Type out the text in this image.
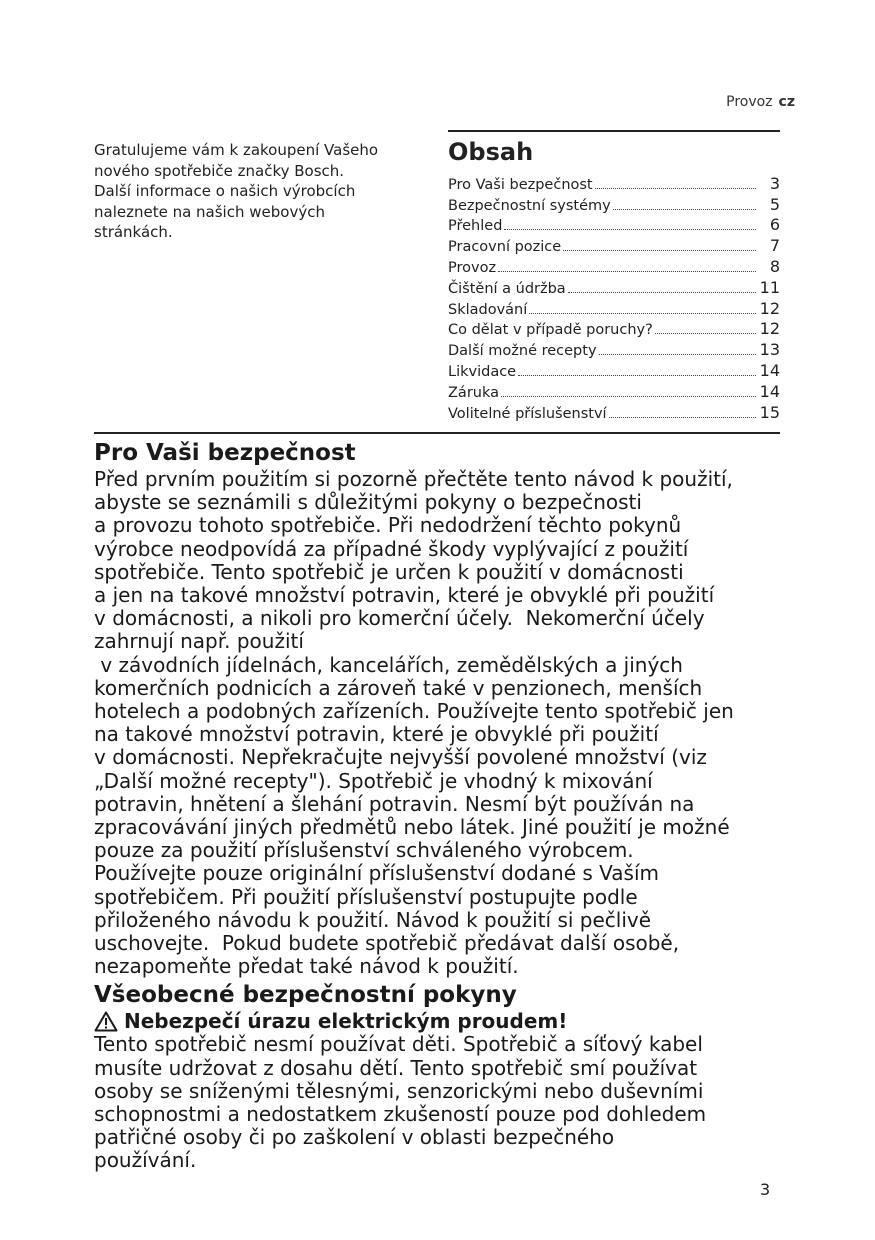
Provoz cz

Gratulujeme vám k zakoupení Vašeho

nového spotřebiče značky Bosch.

Další informace o našich výrobcích

naleznete na našich webových

stránkách.

Obsah
Pro Vaši bezpečnost	3
Bezpečnostní systémy	5
Přehled	6
Pracovní pozice	7
Provoz	8
Čištění a údržba	11
Skladování	12
Co dělat v případě poruchy?	12
Další možné recepty	13
Likvidace	14
Záruka	14
Volitelné příslušenství	15
Pro Vaši bezpečnost

Před prvním použitím si pozorně přečtěte tento návod k použití,

abyste se seznámili s důležitými pokyny o bezpečnosti

a provozu tohoto spotřebiče. Při nedodržení těchto pokynů

výrobce neodpovídá za případné škody vyplývající z použití

spotřebiče. Tento spotřebič je určen k použití v domácnosti

a jen na takové množství potravin, které je obvyklé při použití

v domácnosti, a nikoli pro komerční účely.  Nekomerční účely

zahrnují např. použití

v závodních jídelnách, kancelářích, zemědělských a jiných

komerčních podnicích a zároveň také v penzionech, menších

hotelech a podobných zařízeních. Používejte tento spotřebič jen

na takové množství potravin, které je obvyklé při použití

v domácnosti. Nepřekračujte nejvyšší povolené množství (viz

„Další možné recepty"). Spotřebič je vhodný k mixování

potravin, hnětení a šlehání potravin. Nesmí být používán na

zpracovávání jiných předmětů nebo látek. Jiné použití je možné

pouze za použití příslušenství schváleného výrobcem.

Používejte pouze originální příslušenství dodané s Vaším

spotřebičem. Při použití příslušenství postupujte podle

přiloženého návodu k použití. Návod k použití si pečlivě

uschovejte.  Pokud budete spotřebič předávat další osobě,

nezapomeňte předat také návod k použití.

Všeobecné bezpečnostní pokyny
Nebezpečí úrazu elektrickým proudem!

Tento spotřebič nesmí používat děti. Spotřebič a síťový kabel

musíte udržovat z dosahu dětí. Tento spotřebič smí používat

osoby se sníženými tělesnými, senzorickými nebo duševními

schopnostmi a nedostatkem zkušeností pouze pod dohledem

patřičné osoby či po zaškolení v oblasti bezpečného

používání.

3
